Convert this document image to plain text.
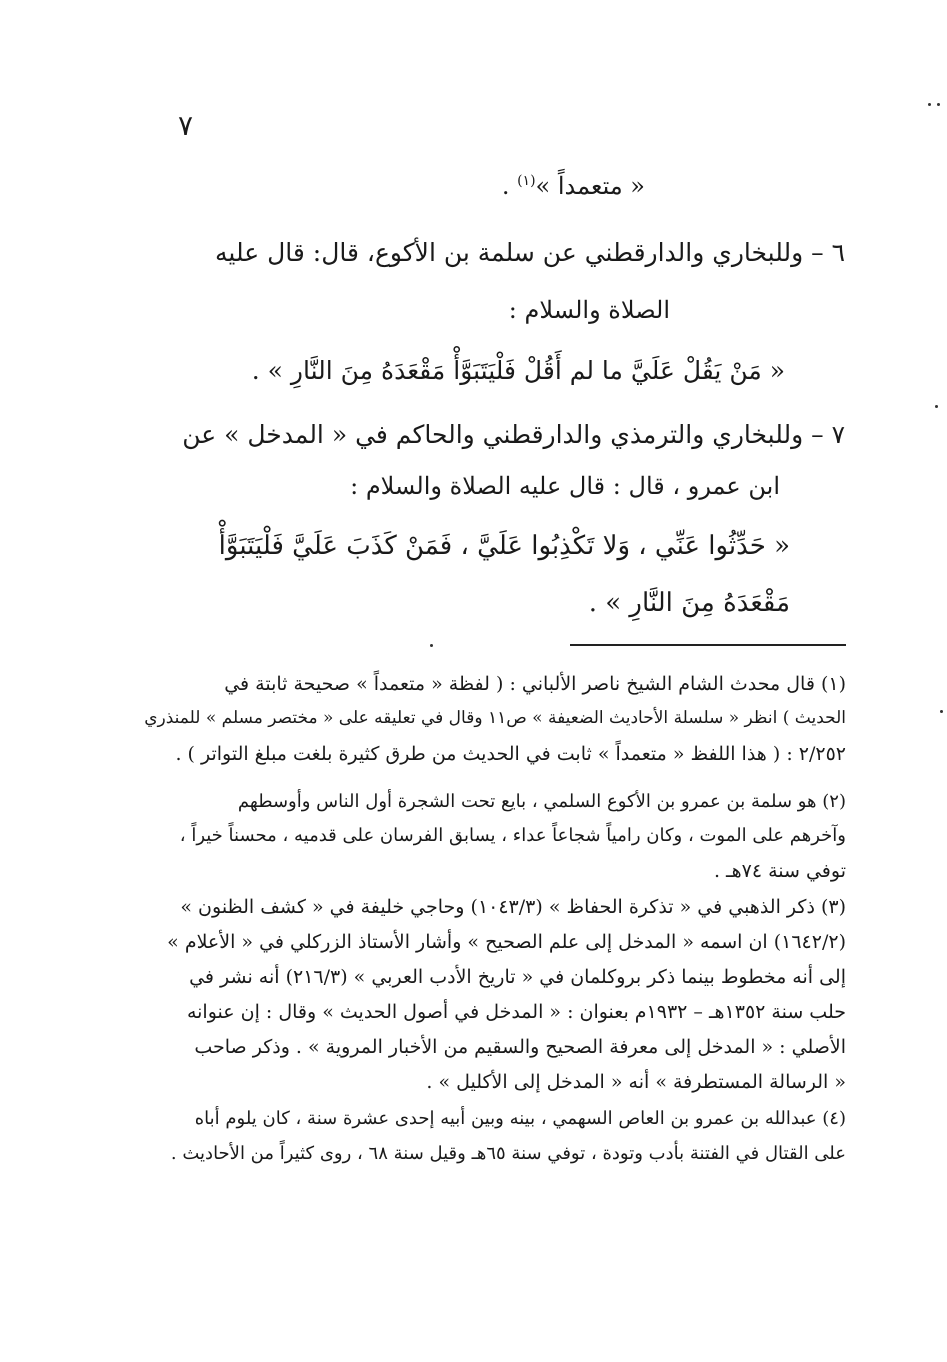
٧
« متعمداً »$^{(١)}$ .
٦ – وللبخاري والدارقطني عن سلمة بن الأكوع، قال: قال عليه
الصلاة والسلام :
« مَنْ يَقُلْ عَلَيَّ ما لم أَقُلْ فَلْيَتَبَوَّأْ مَقْعَدَهُ مِنَ النَّارِ » .
٧ – وللبخاري والترمذي والدارقطني والحاكم في « المدخل » عن
ابن عمرو ، قال : قال عليه الصلاة والسلام :
« حَدِّثُوا عَنِّي ، وَلا تَكْذِبُوا عَلَيَّ ، فَمَنْ كَذَبَ عَلَيَّ فَلْيَتَبَوَّأْ
مَقْعَدَهُ مِنَ النَّارِ » .
(١) قال محدث الشام الشيخ ناصر الألباني : ( لفظة « متعمداً » صحيحة ثابتة في
الحديث ) انظر « سلسلة الأحاديث الضعيفة » ص١١ وقال في تعليقه على « مختصر مسلم » للمنذري
٢/٢٥٢ : ( هذا اللفظ « متعمداً » ثابت في الحديث من طرق كثيرة بلغت مبلغ التواتر ) .
(٢) هو سلمة بن عمرو بن الأكوع السلمي ، بايع تحت الشجرة أول الناس وأوسطهم
وآخرهم على الموت ، وكان رامياً شجاعاً عداء ، يسابق الفرسان على قدميه ، محسناً خيراً ،
توفي سنة ٧٤هـ .
(٣) ذكر الذهبي في « تذكرة الحفاظ » (١٠٤٣/٣) وحاجي خليفة في « كشف الظنون »
(١٦٤٢/٢) ان اسمه « المدخل إلى علم الصحيح » وأشار الأستاذ الزركلي في « الأعلام »
إلى أنه مخطوط بينما ذكر بروكلمان في « تاريخ الأدب العربي » (٢١٦/٣) أنه نشر في
حلب سنة ١٣٥٢هـ – ١٩٣٢م بعنوان : « المدخل في أصول الحديث » وقال : إن عنوانه
الأصلي : « المدخل إلى معرفة الصحيح والسقيم من الأخبار المروية » . وذكر صاحب
« الرسالة المستطرفة » أنه « المدخل إلى الأكليل » .
(٤) عبدالله بن عمرو بن العاص السهمي ، بينه وبين أبيه إحدى عشرة سنة ، كان يلوم أباه
على القتال في الفتنة بأدب وتودة ، توفي سنة ٦٥هـ وقيل سنة ٦٨ ، روى كثيراً من الأحاديث .
